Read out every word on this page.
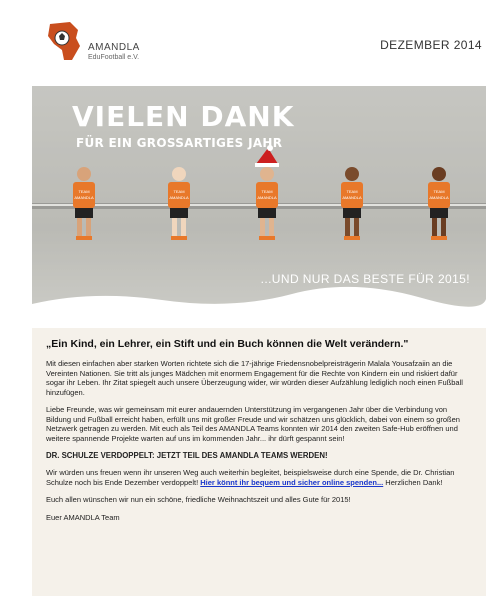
AMANDLA
EduFootball e.V.
DEZEMBER 2014
TEAM
AMANDLA
TEAM
AMANDLA
TEAM
AMANDLA
TEAM
AMANDLA
TEAM
AMANDLA
VIELEN DANK
FÜR EIN GROSSARTIGES JAHR
...UND NUR DAS BESTE FÜR 2015!

„Ein Kind, ein Lehrer, ein Stift und ein Buch können die Welt verändern."

Mit diesen einfachen aber starken Worten richtete sich die 17-jährige Friedensnobelpreisträgerin Malala Yousafzaiin an die Vereinten Nationen. Sie tritt als junges Mädchen mit enormem Engagement für die Rechte von Kindern ein und riskiert dafür sogar ihr Leben. Ihr Zitat spiegelt auch unsere Überzeugung wider, wir würden dieser Aufzählung lediglich noch einen Fußball hinzufügen.

Liebe Freunde, was wir gemeinsam mit eurer andauernden Unterstützung im vergangenen Jahr über die Verbindung von Bildung und Fußball erreicht haben, erfüllt uns mit großer Freude und wir schätzen uns glücklich, dabei von einem so großen Netzwerk getragen zu werden. Mit euch als Teil des AMANDLA Teams konnten wir 2014 den zweiten Safe-Hub eröffnen und weitere spannende Projekte warten auf uns im kommenden Jahr... ihr dürft gespannt sein!

DR. SCHULZE VERDOPPELT: JETZT TEIL DES AMANDLA TEAMS WERDEN!

Wir würden uns freuen wenn ihr unseren Weg auch weiterhin begleitet, beispielsweise durch eine Spende, die Dr. Christian Schulze noch bis Ende Dezember verdoppelt! Hier könnt ihr bequem und sicher online spenden... Herzlichen Dank!

Euch allen wünschen wir nun ein schöne, friedliche Weihnachtszeit und alles Gute für 2015!

Euer AMANDLA Team
